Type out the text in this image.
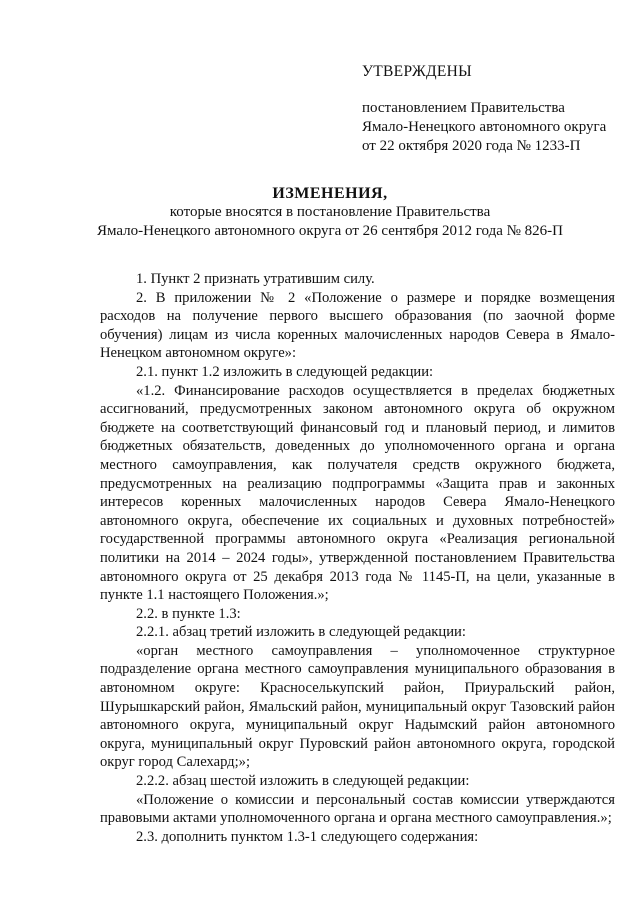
УТВЕРЖДЕНЫ
постановлением Правительства
Ямало-Ненецкого автономного округа
от 22 октября 2020 года № 1233-П
ИЗМЕНЕНИЯ,
которые вносятся в постановление Правительства
Ямало-Ненецкого автономного округа от 26 сентября 2012 года № 826-П

1. Пункт 2 признать утратившим силу.

2. В приложении № 2 «Положение о размере и порядке возмещения расходов на получение первого высшего образования (по заочной форме обучения) лицам из числа коренных малочисленных народов Севера в Ямало-Ненецком автономном округе»:

2.1. пункт 1.2 изложить в следующей редакции:

«1.2. Финансирование расходов осуществляется в пределах бюджетных ассигнований, предусмотренных законом автономного округа об окружном бюджете на соответствующий финансовый год и плановый период, и лимитов бюджетных обязательств, доведенных до уполномоченного органа и органа местного самоуправления, как получателя средств окружного бюджета, предусмотренных на реализацию подпрограммы «Защита прав и законных интересов коренных малочисленных народов Севера Ямало-Ненецкого автономного округа, обеспечение их социальных и духовных потребностей» государственной программы автономного округа «Реализация региональной политики на 2014 – 2024 годы», утвержденной постановлением Правительства автономного округа от 25 декабря 2013 года № 1145-П, на цели, указанные в пункте 1.1 настоящего Положения.»;

2.2. в пункте 1.3:

2.2.1. абзац третий изложить в следующей редакции:

«орган местного самоуправления – уполномоченное структурное подразделение органа местного самоуправления муниципального образования в автономном округе: Красноселькупский район, Приуральский район, Шурышкарский район, Ямальский район, муниципальный округ Тазовский район автономного округа, муниципальный округ Надымский район автономного округа, муниципальный округ Пуровский район автономного округа, городской округ город Салехард;»;

2.2.2. абзац шестой изложить в следующей редакции:

«Положение о комиссии и персональный состав комиссии утверждаются правовыми актами уполномоченного органа и органа местного самоуправления.»;

2.3. дополнить пунктом 1.3-1 следующего содержания:
